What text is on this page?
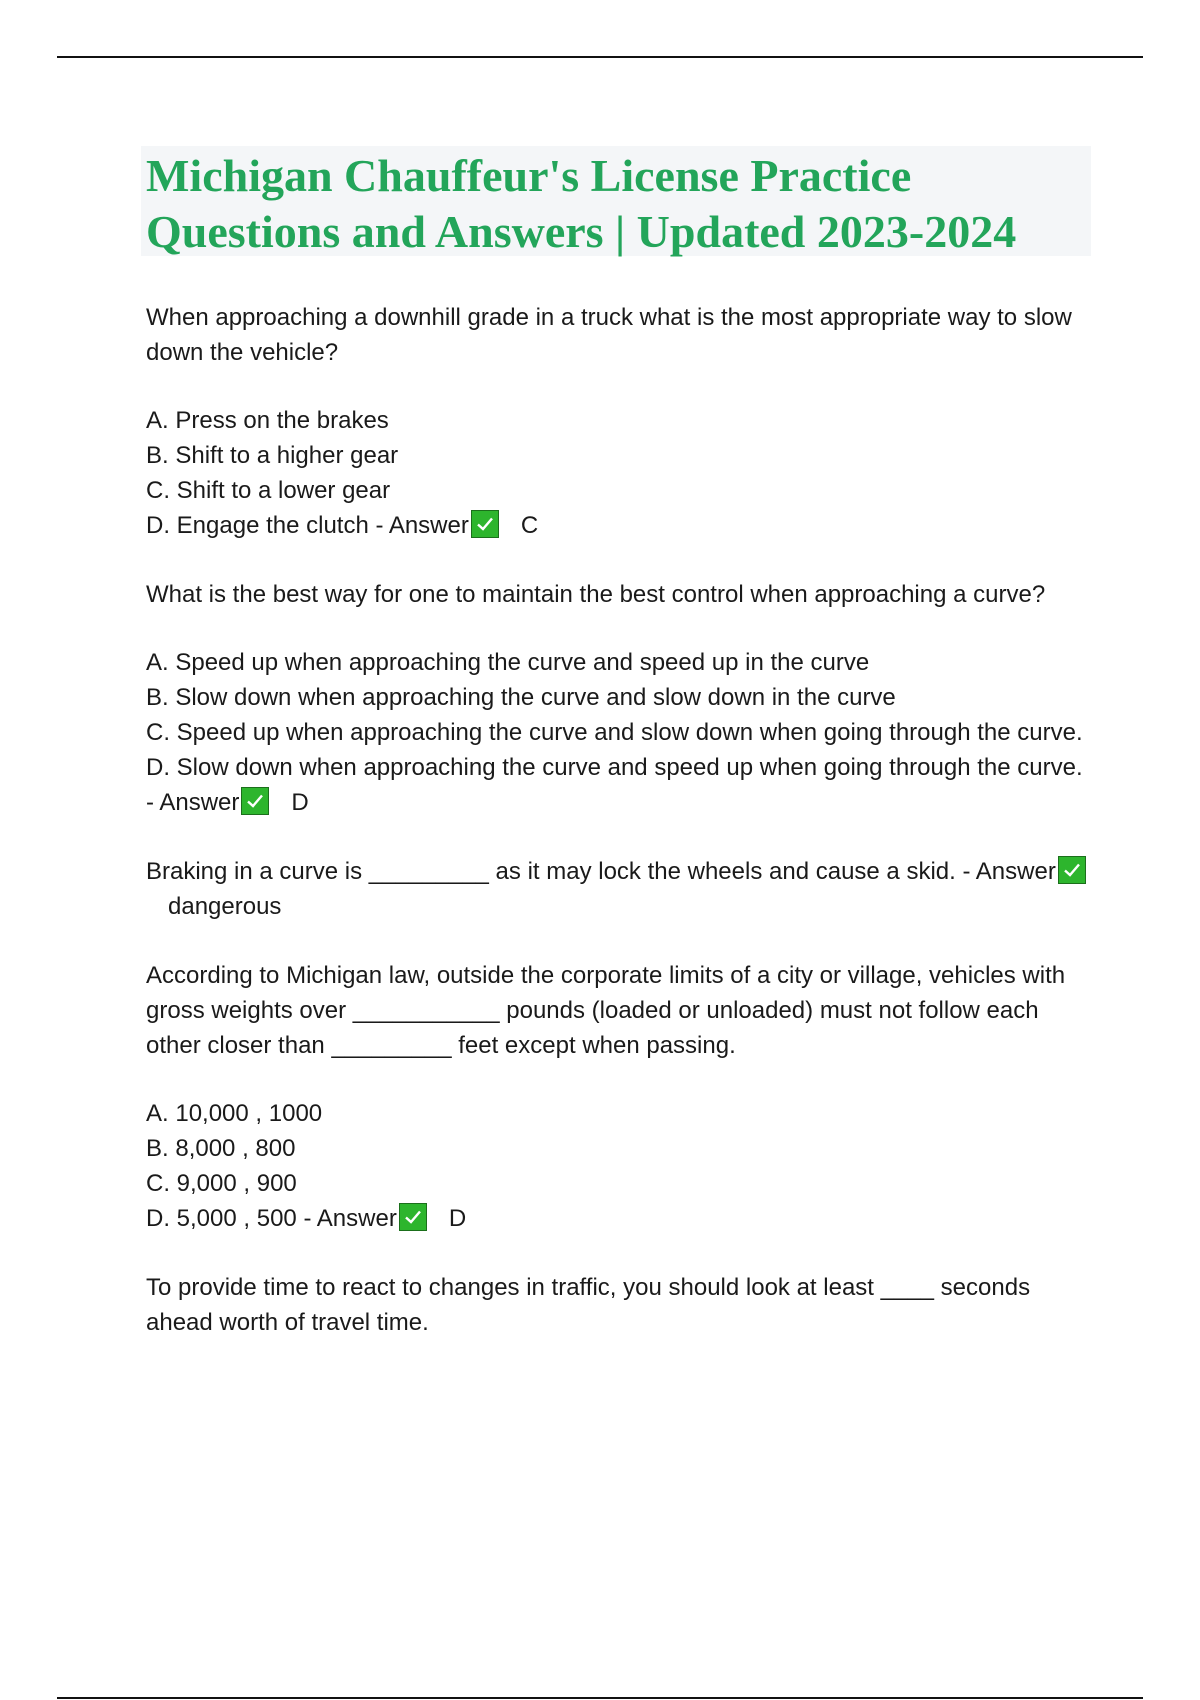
Michigan Chauffeur's License Practice Questions and Answers | Updated 2023-2024

When approaching a downhill grade in a truck what is the most appropriate way to slow down the vehicle?

A. Press on the brakes
B. Shift to a higher gear
C. Shift to a lower gear
D. Engage the clutch - Answer C

What is the best way for one to maintain the best control when approaching a curve?

A. Speed up when approaching the curve and speed up in the curve
B. Slow down when approaching the curve and slow down in the curve
C. Speed up when approaching the curve and slow down when going through the curve.
D. Slow down when approaching the curve and speed up when going through the curve. - Answer D
Braking in a curve is _________ as it may lock the wheels and cause a skid. - Answer
dangerous

According to Michigan law, outside the corporate limits of a city or village, vehicles with gross weights over ___________ pounds (loaded or unloaded) must not follow each other closer than _________ feet except when passing.

A. 10,000 , 1000
B. 8,000 , 800
C. 9,000 , 900
D. 5,000 , 500 - Answer D

To provide time to react to changes in traffic, you should look at least ____ seconds ahead worth of travel time.
